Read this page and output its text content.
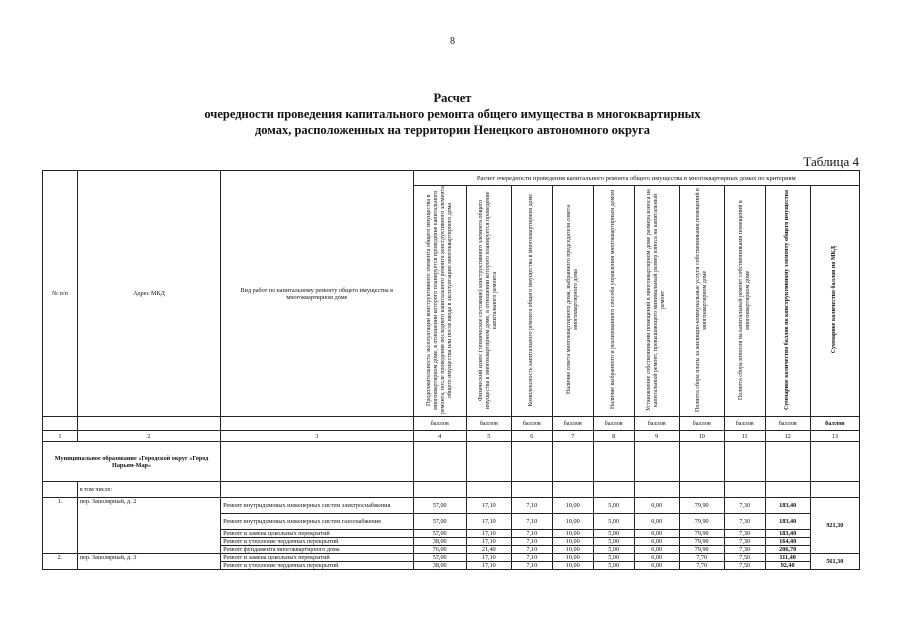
8
Расчет
очередности проведения капитального ремонта общего имущества в многоквартирных
домах, расположенных на территории Ненецкого автономного округа
Таблица 4
№ п/п	Адрес МКД	Вид работ по капитальному ремонту общего имущества в многоквартирном доме	Расчет очередности проведения капитального ремонта общего имущества в многоквартирных домах по критериям									
			Продолжительность эксплуатации конструктивного элемента общего имущества в многоквартирном доме, в отношении которого планируется проведение капитального ремонта, после проведения последнего капитального ремонта конструктивного элемента общего имущества или после ввода в эксплуатацию многоквартирного дома	Физический износ (техническое состояние) конструктивного элемента общего имущества в многоквартирном доме, в отношении которого планируется проведение капитального ремонта	Комплексность капитального ремонта общего имущества в многоквартирном доме	Наличие совета многоквартирного дома, выбранного председателя совета многоквартирного дома	Наличие выбранного и реализованного способа управления многоквартирным домом	Установление собственниками помещений в многоквартирном доме размера взноса на капитальный ремонт, превышающего минимальный размер взноса на капитальный ремонт	Полнота сбора платы за жилищно-коммунальные услуги собственниками помещений в многоквартирном доме	Полнота сбора взносов на капитальный ремонт собственниками помещений в многоквартирном доме	Суммарное количество баллов по конструктивному элементу общего имущества	Суммарное количество баллов по МКД
			баллов	баллов	баллов	баллов	баллов	баллов	баллов	баллов	баллов	баллов
1	2	3	4	5	6	7	8	9	10	11	12	13
Муниципальное образование «Городской округ «Город Нарьян-Мар»												
	в том числе:											
1.	пер. Заполярный, д. 2	Ремонт внутридомовых инженерных систем электроснабжения	57,00	17,10	7,10	10,00	5,00	0,00	79,90	7,30	183,40	921,30
		Ремонт внутридомовых инженерных систем газоснабжения	57,00	17,10	7,10	10,00	5,00	0,00	79,90	7,30	183,40	
		Ремонт и замена цокольных перекрытий	57,00	17,10	7,10	10,00	5,00	0,00	79,90	7,30	183,40	
		Ремонт и утепление чердачных перекрытий	38,00	17,10	7,10	10,00	5,00	0,00	79,90	7,30	164,40	
		Ремонт фундамента многоквартирного дома	76,00	21,40	7,10	10,00	5,00	0,00	79,90	7,30	206,70	
2.	пер. Заполярный, д. 3	Ремонт и замена цокольных перекрытий	57,00	17,10	7,10	10,00	5,00	0,00	7,70	7,50	111,40	561,30
		Ремонт и утепление чердачных перекрытий	38,00	17,10	7,10	10,00	5,00	0,00	7,70	7,50	92,40	
